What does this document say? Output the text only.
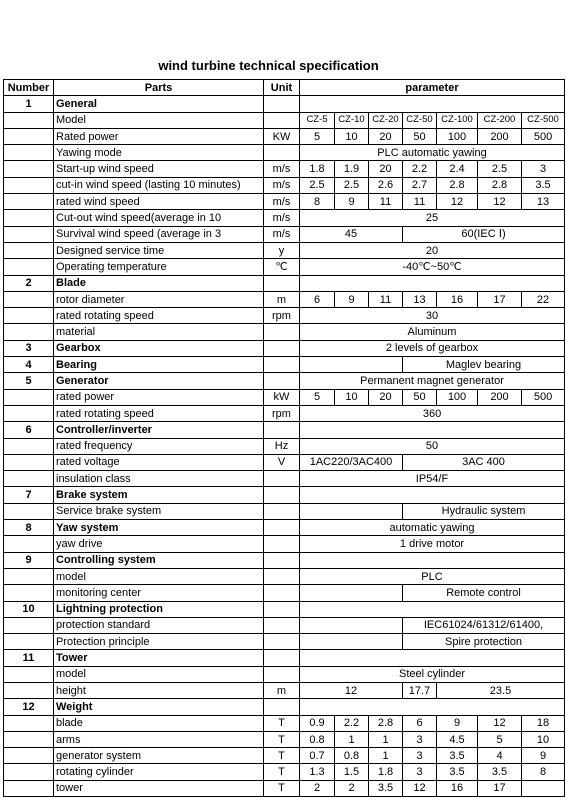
wind turbine technical specification
Number	Parts	Unit	parameter						
1	General								
	Model		CZ-5	CZ-10	CZ-20	CZ-50	CZ-100	CZ-200	CZ-500
	Rated power	KW	5	10	20	50	100	200	500
	Yawing mode		PLC automatic yawing						
	Start-up wind speed	m/s	1.8	1.9	20	2.2	2.4	2.5	3
	cut-in wind speed (lasting 10 minutes)	m/s	2.5	2.5	2.6	2.7	2.8	2.8	3.5
	rated wind speed	m/s	8	9	11	11	12	12	13
	Cut-out wind speed(average in 10	m/s	25						
	Survival wind speed (average in 3	m/s	45			60(IEC Ⅰ)			
	Designed service time	y	20						
	Operating temperature	℃	-40℃~50℃						
2	Blade								
	rotor diameter	m	6	9	11	13	16	17	22
	rated rotating speed	rpm	30						
	material		Aluminum						
3	Gearbox		2 levels of gearbox						
4	Bearing					Maglev bearing			
5	Generator		Permanent magnet generator						
	rated power	kW	5	10	20	50	100	200	500
	rated rotating speed	rpm	360						
6	Controller/inverter								
	rated frequency	Hz	50						
	rated voltage	V	1AC220/3AC400			3AC 400			
	insulation class		IP54/F						
7	Brake system								
	Service brake system					Hydraulic system			
8	Yaw system		automatic yawing						
	yaw drive		1 drive motor						
9	Controlling system								
	model		PLC						
	monitoring center					Remote control			
10	Lightning protection								
	protection standard					IEC61024/61312/61400,			
	Protection principle					Spire protection			
11	Tower								
	model		Steel cylinder						
	height	m	12			17.7	23.5		
12	Weight								
	blade	T	0.9	2.2	2.8	6	9	12	18
	arms	T	0.8	1	1	3	4.5	5	10
	generator system	T	0.7	0.8	1	3	3.5	4	9
	rotating cylinder	T	1.3	1.5	1.8	3	3.5	3.5	8
	tower	T	2	2	3.5	12	16	17	
